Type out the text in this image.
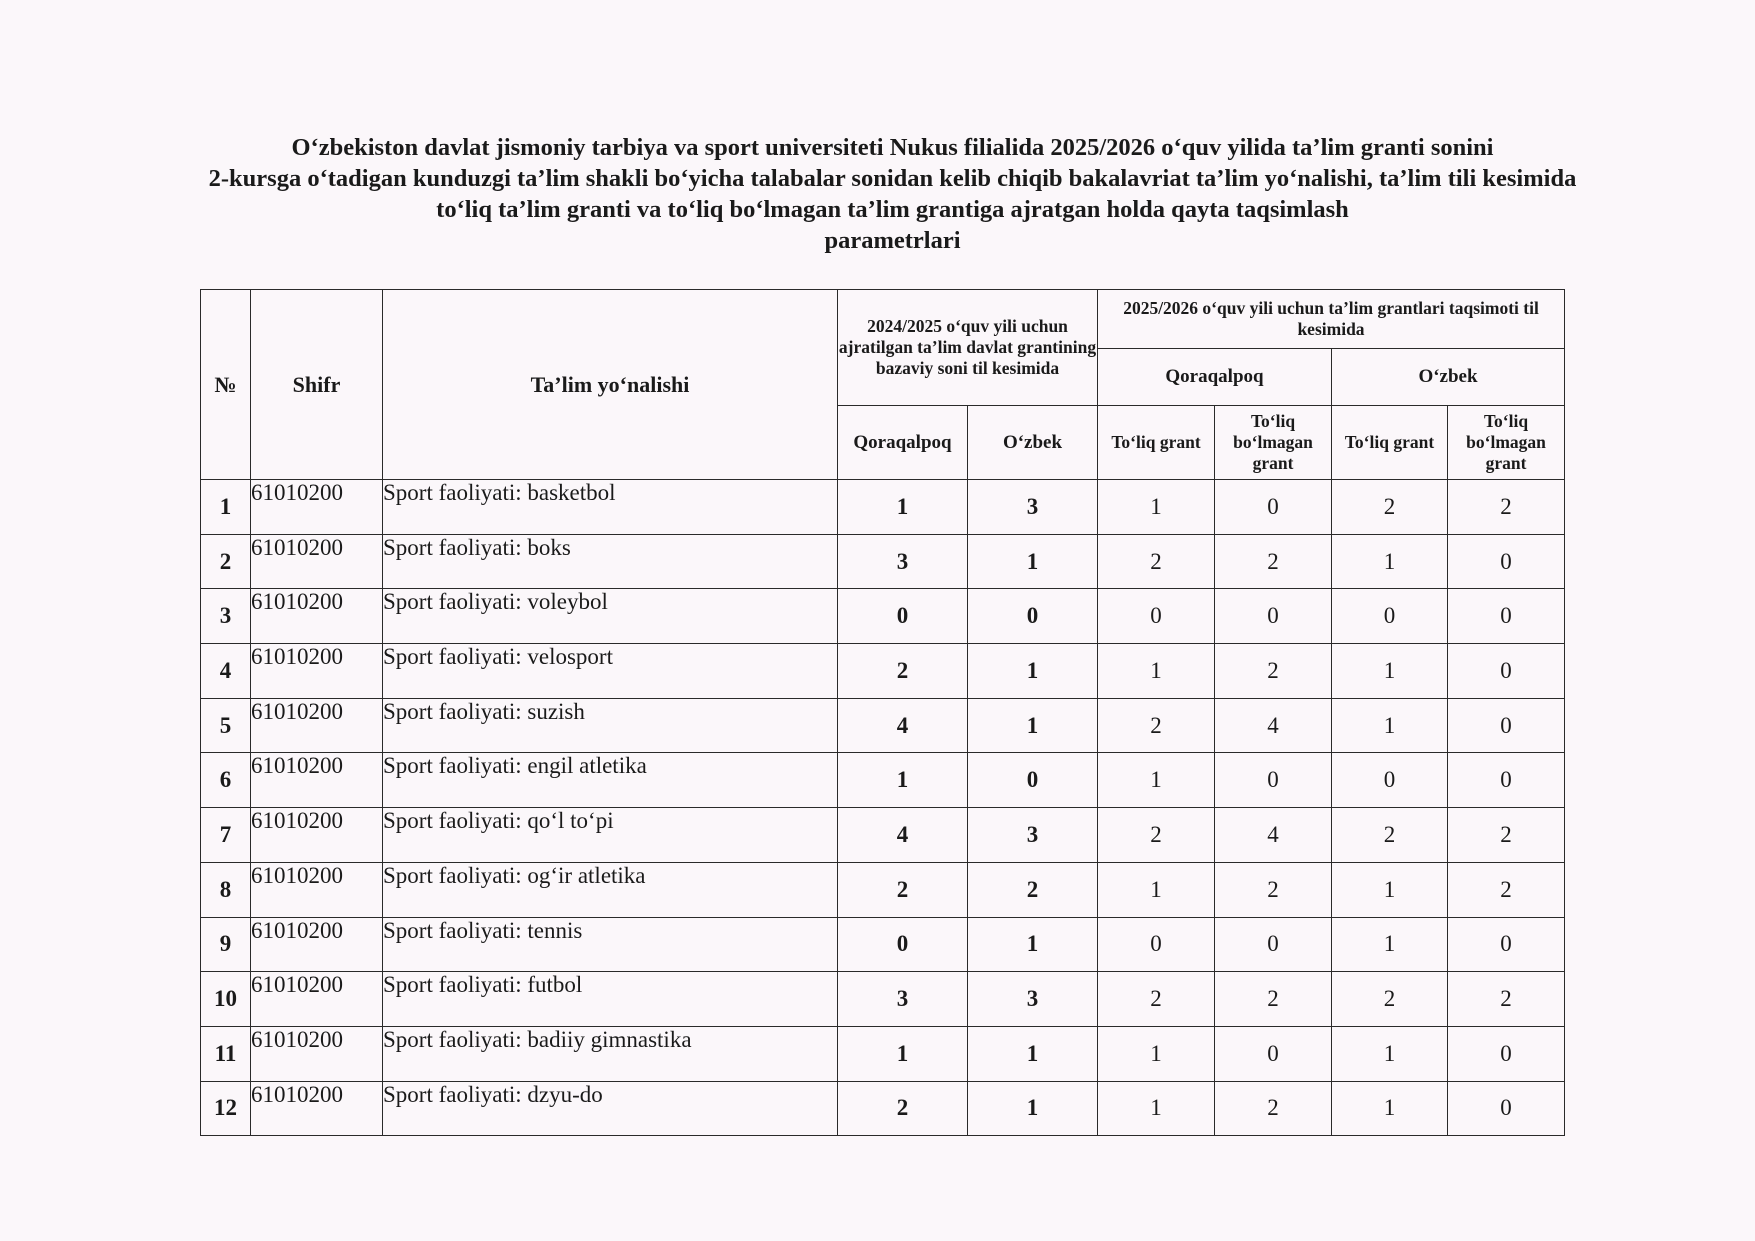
O‘zbekiston davlat jismoniy tarbiya va sport universiteti Nukus filialida 2025/2026 o‘quv yilida ta’lim granti sonini
2-kursga o‘tadigan kunduzgi ta’lim shakli bo‘yicha talabalar sonidan kelib chiqib bakalavriat ta’lim yo‘nalishi, ta’lim tili kesimida
to‘liq ta’lim granti va to‘liq bo‘lmagan ta’lim grantiga ajratgan holda qayta taqsimlash
parametrlari
№	Shifr	Ta’lim yo‘nalishi	2024/2025 o‘quv yili uchun ajratilgan ta’lim davlat grantining bazaviy soni til kesimida		2025/2026 o‘quv yili uchun ta’lim grantlari taqsimoti til kesimida			
					Qoraqalpoq		O‘zbek	
			Qoraqalpoq	O‘zbek	To‘liq grant	To‘liq bo‘lmagan grant	To‘liq grant	To‘liq bo‘lmagan grant
1	61010200	Sport faoliyati: basketbol	1	3	1	0	2	2
2	61010200	Sport faoliyati: boks	3	1	2	2	1	0
3	61010200	Sport faoliyati: voleybol	0	0	0	0	0	0
4	61010200	Sport faoliyati: velosport	2	1	1	2	1	0
5	61010200	Sport faoliyati: suzish	4	1	2	4	1	0
6	61010200	Sport faoliyati: engil atletika	1	0	1	0	0	0
7	61010200	Sport faoliyati: qo‘l to‘pi	4	3	2	4	2	2
8	61010200	Sport faoliyati: og‘ir atletika	2	2	1	2	1	2
9	61010200	Sport faoliyati: tennis	0	1	0	0	1	0
10	61010200	Sport faoliyati: futbol	3	3	2	2	2	2
11	61010200	Sport faoliyati: badiiy gimnastika	1	1	1	0	1	0
12	61010200	Sport faoliyati: dzyu-do	2	1	1	2	1	0
